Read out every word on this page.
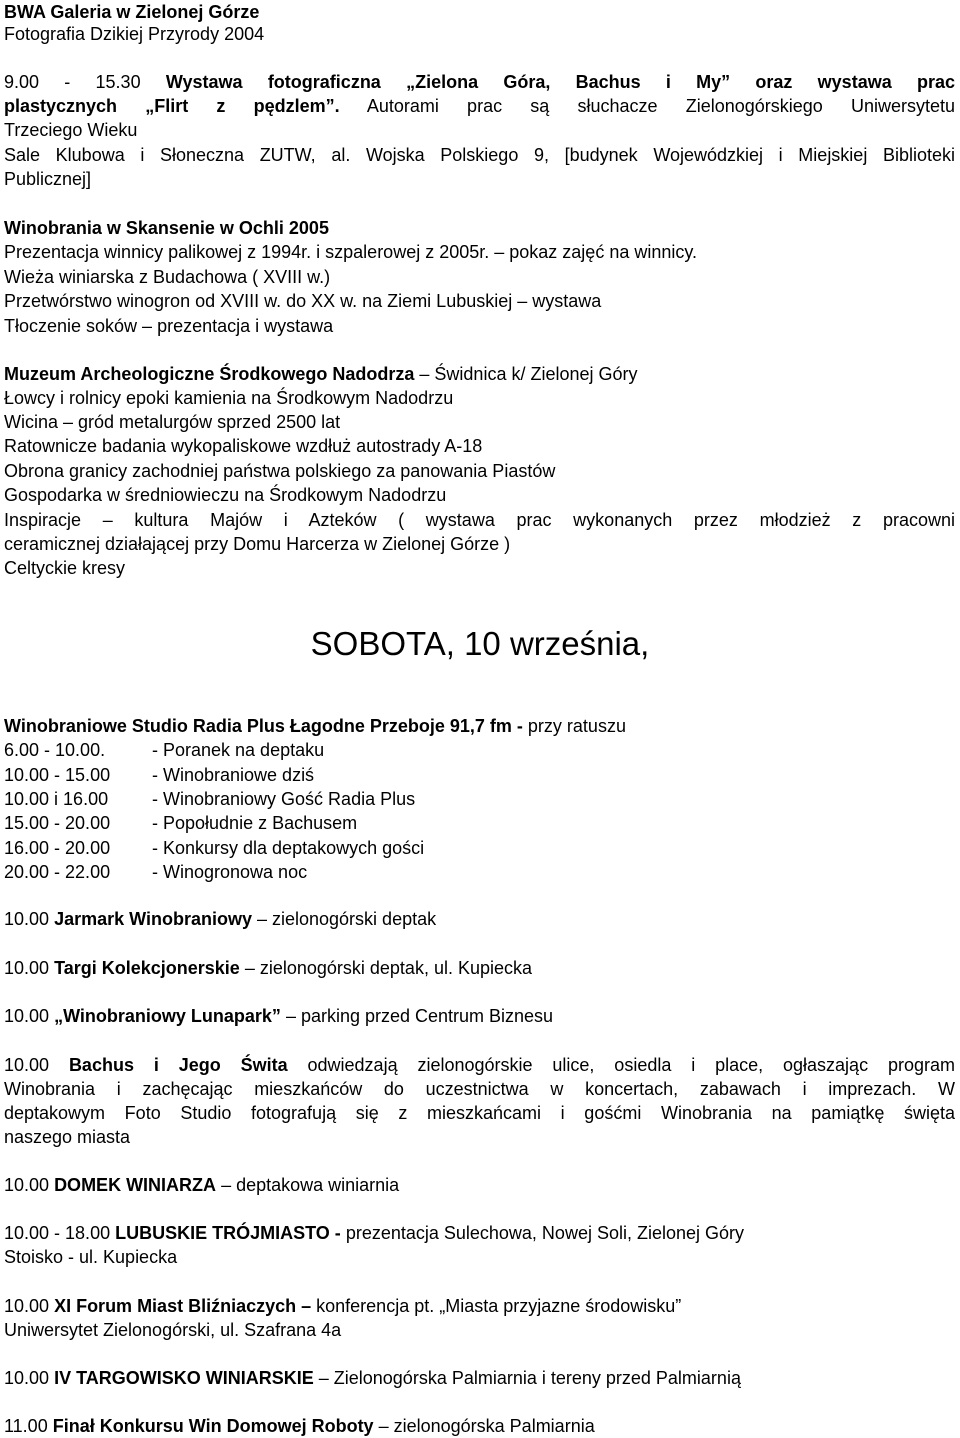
BWA Galeria w Zielonej Górze
Fotografia Dzikiej Przyrody 2004
9.00 - 15.30 Wystawa fotograficzna „Zielona Góra, Bachus i My” oraz wystawa prac
plastycznych „Flirt z pędzlem”. Autorami prac są słuchacze Zielonogórskiego Uniwersytetu
Trzeciego Wieku
Sale Klubowa i Słoneczna ZUTW, al. Wojska Polskiego 9, [budynek Wojewódzkiej i Miejskiej Biblioteki
Publicznej]
Winobrania w Skansenie w Ochli 2005
Prezentacja winnicy palikowej z 1994r. i szpalerowej z 2005r. – pokaz zajęć na winnicy.
Wieża winiarska z Budachowa ( XVIII w.)
Przetwórstwo winogron od XVIII w. do XX w. na Ziemi Lubuskiej – wystawa
Tłoczenie soków – prezentacja i wystawa
Muzeum Archeologiczne Środkowego Nadodrza – Świdnica k/ Zielonej Góry
Łowcy i rolnicy epoki kamienia na Środkowym Nadodrzu
Wicina – gród metalurgów sprzed 2500 lat
Ratownicze badania wykopaliskowe wzdłuż autostrady A-18
Obrona granicy zachodniej państwa polskiego za panowania Piastów
Gospodarka w średniowieczu na Środkowym Nadodrzu
Inspiracje – kultura Majów i Azteków ( wystawa prac wykonanych przez młodzież z pracowni
ceramicznej działającej przy Domu Harcerza w Zielonej Górze )
Celtyckie kresy
SOBOTA, 10 września,
Winobraniowe Studio Radia Plus Łagodne Przeboje 91,7 fm - przy ratuszu
6.00 - 10.00.	- Poranek na deptaku
10.00 - 15.00 - Winobraniowe dziś
10.00 i 16.00 - Winobraniowy Gość Radia Plus
15.00 - 20.00 - Popołudnie z Bachusem
16.00 - 20.00 - Konkursy dla deptakowych gości
20.00 - 22.00 - Winogronowa noc
10.00 Jarmark Winobraniowy – zielonogórski deptak
10.00 Targi Kolekcjonerskie – zielonogórski deptak, ul. Kupiecka
10.00 „Winobraniowy Lunapark” – parking przed Centrum Biznesu
10.00 Bachus i Jego Świta odwiedzają zielonogórskie ulice, osiedla i place, ogłaszając program
Winobrania i zachęcając mieszkańców do uczestnictwa w koncertach, zabawach i imprezach. W
deptakowym Foto Studio fotografują się z mieszkańcami i gośćmi Winobrania na pamiątkę święta
naszego miasta
10.00 DOMEK WINIARZA – deptakowa winiarnia
10.00 - 18.00 LUBUSKIE TRÓJMIASTO - prezentacja Sulechowa, Nowej Soli, Zielonej Góry
Stoisko - ul. Kupiecka
10.00 XI Forum Miast Bliźniaczych – konferencja pt. „Miasta przyjazne środowisku”
Uniwersytet Zielonogórski, ul. Szafrana 4a
10.00 IV TARGOWISKO WINIARSKIE – Zielonogórska Palmiarnia i tereny przed Palmiarnią
11.00 Finał Konkursu Win Domowej Roboty – zielonogórska Palmiarnia
